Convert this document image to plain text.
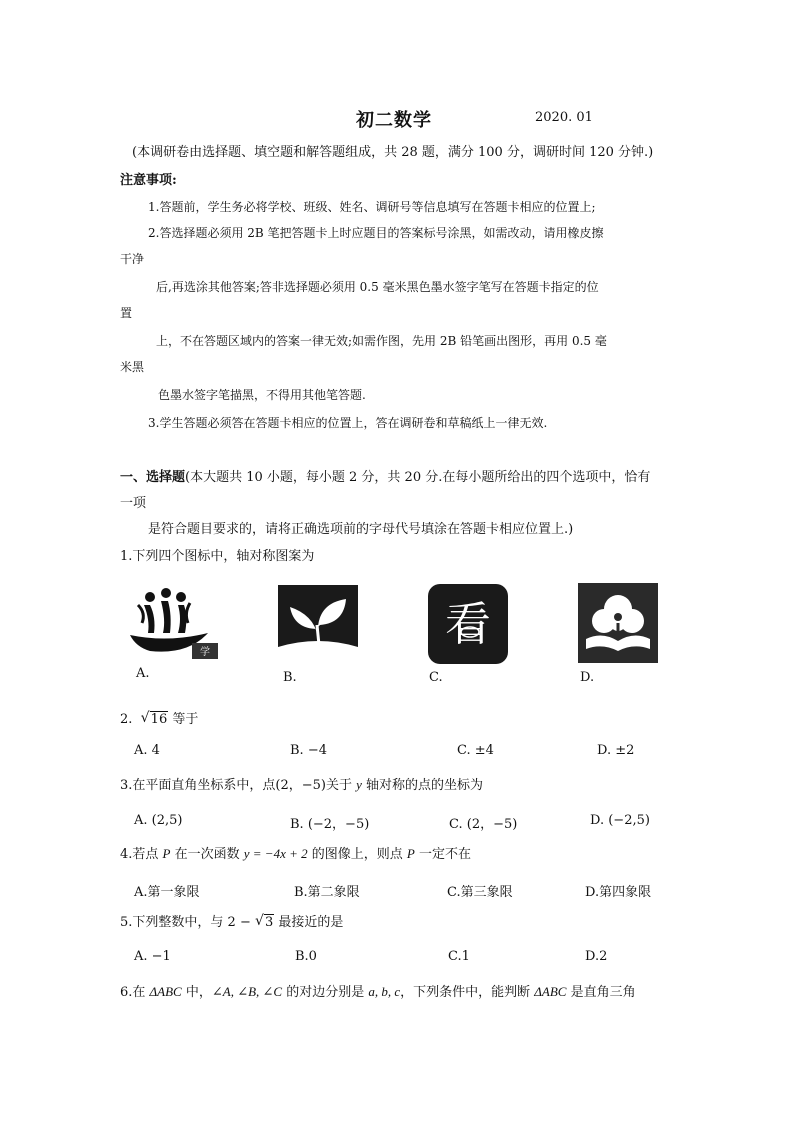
初二数学	2020. 01
(本调研卷由选择题、填空题和解答题组成，共 28 题，满分 100 分，调研时间 120 分钟.)
注意事项:
1.答题前，学生务必将学校、班级、姓名、调研号等信息填写在答题卡相应的位置上;
2.答选择题必须用 2B 笔把答题卡上时应题目的答案标号涂黑，如需改动，请用橡皮擦
干净
后,再选涂其他答案;答非选择题必须用 0.5 毫米黑色墨水签字笔写在答题卡指定的位
置
上，不在答题区域内的答案一律无效;如需作图，先用 2B 铅笔画出图形，再用 0.5 毫
米黑
色墨水签字笔描黑，不得用其他笔答题.
3.学生答题必须答在答题卡相应的位置上，答在调研卷和草稿纸上一律无效.
一、选择题(本大题共 10 小题，每小题 2 分，共 20 分.在每小题所给出的四个选项中，恰有
一项
是符合题目要求的，请将正确选项前的字母代号填涂在答题卡相应位置上.)
1.下列四个图标中，轴对称图案为
学
A.	B.
看
C.	D.
2. √ 16 等于
A. 4	B. −4	C. ±4	D. ±2
3.在平面直角坐标系中，点(2，−5)关于 y 轴对称的点的坐标为
A. (2,5)	B. (−2，−5)	C. (2，−5)	D. (−2,5)
4.若点 P 在一次函数 y = −4x + 2 的图像上，则点 P 一定不在
A.第一象限	B.第二象限	C.第三象限	D.第四象限
5.下列整数中，与 2 − √ 3 最接近的是
A. −1	B.0	C.1	D.2
6.在 ΔABC 中，∠A, ∠B, ∠C 的对边分别是 a, b, c，下列条件中，能判断 ΔABC 是直角三角
